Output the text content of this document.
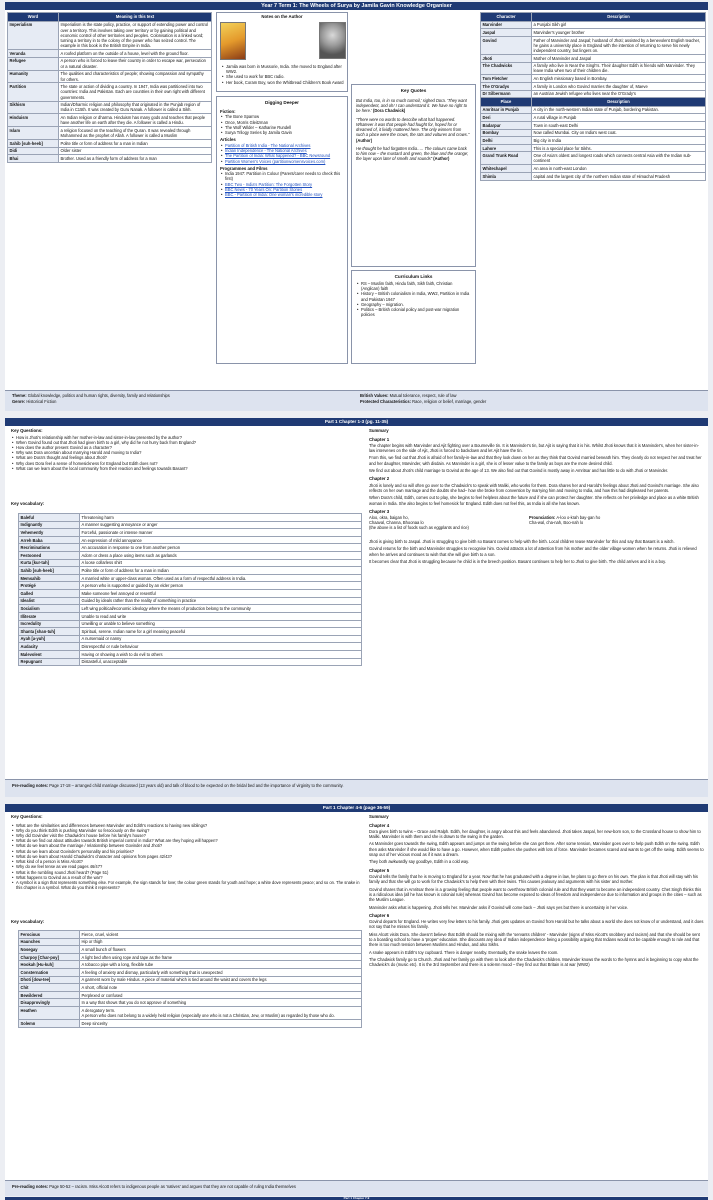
Year 7 Term 1: The Wheels of Surya by Jamila Gavin Knowledge Organiser
Word	Meaning in this text
Imperialism	Imperialism is the state policy, practice, or support of extending power and control over a territory. This involves taking over territory or by gaining political and economic control of other territories and peoples. Colonisation is a linked word; turning a territory in to the colony of the power who has seized control. The example in this book is the British Empire in India.
Veranda	A roofed platform on the outside of a house, level with the ground floor.
Refugee	A person who is forced to leave their country in order to escape war, persecution or a natural disaster.
Humanity	The qualities and characteristics of people; showing compassion and sympathy for others.
Partition	The state or action of dividing a country. In 1947, India was partitioned into two countries: India and Pakistan. Each are countries in their own right with different governments.
Sikhism	Indian/Dharmic religion and philosophy that originated in the Punjab region of India in C15th. It was created by Guru Nanak. A follower is called a Sikh.
Hinduism	An Indian religion or dharma. Hinduism has many gods and teaches that people have another life on earth after they die. A follower is called a Hindu.
Islam	a religion focused on the teaching of the Quran. It was revealed through Mohammed as the prophet of Allah. A follower is called a Muslim
Sahib [suh-heeb]	Polite title or form of address for a man in Indian
Didi	Older sister
Bhai	Brother. Used as a friendly form of address for a man
Notes on the Author
• Jamila was born in Mussorie, India. She moved to England after WW2.
• She used to work for BBC radio.
• Her book, Coram Boy, won the Whitbread Children's Book Award
Digging Deeper
Fiction:
• The Bone Sparrow
• Once, Morris Gleitzman
• The Wolf Wilder – Katharine Rundell
• Surya Trilogy Series by Jamila Gavin
Articles
• Partition of British India - The National Archives
• Indian Independence - The National Archives
• The Partition of India: What happened? - BBC Newsround
• Partition Women's Voices (partitionwomensvoices.com)
Programmes and Films
• India 1947: Partition in Colour (Parent/carer needs to check this first)
• BBC Two - India's Partition: The Forgotten Story
• BBC News - 70 Years On: Partition Stories
• BBC - Partition of India: One woman's incredible story
Key Quotes

But India, too, is in so much turmoil,' sighed Dora. 'They want independent, and oh! I can understand it. We have no right to be here.' (Dora Chadwick)

"There were no words to describe what had happened. Whatever it was that people had fought for, hoped for or dreamed of, it lividly mattered here. The only winners from such a place were the crows, the rats and vultures and crows." (Author)

He thought he had forgotten India….. The colours came back to him now – the mustard and green, the blue and the orange; the layer upon later of smells and sounds" (Author)

Curriculum Links
• RS – Muslim faith, Hindu faith, Sikh faith, Christian (Anglican) faith
• History – British colonialism in India, WW2, Partition in India and Pakistan 1947
• Geography – migration.
• Politics – British colonial policy and post-war migration policies
Character	Description
Marvinder	a Punjabi Sikh girl
Jaspal	Marvinder's younger brother
Govind	Father of Marvinder and Jaspal; husband of Jhoti; assisted by a benevolent English teacher, he gains a university place in England with the intention of returning to serve his newly independent country, but lingers on.
Jhoti	Mother of Marvinder and Jaspal
The Chadwicks	A family who live in Near the Singh's. Their daughter Edith is friends with Marvinder. They leave India when two of their children die.
Tom Fletcher	An English missionary based in Bombay.
The O'Gradys	A family in London who Govind marries the daughter of, Maeve
Dr Silbermann	an Austrian Jewish refugee who lives near the O'Grady's
Place	Description
Amritsar in Punjab	A city in the north-western Indian state of Punjab, bordering Pakistan.
Deri	A rural village in Punjab
Badarpur	Town in south-east Delhi
Bombay	Now called Mumbai. City on India's west coat.
Delhi	Big city in India
Lahore	This is a special place for Sikhs.
Grand Trunk Road	One of Asia's oldest and longest roads which connects central Asia with the Indian sub-continent
Whitechapel	An area in north-east London
Shimla	capital and the largest city of the northern Indian state of Himachal Pradesh
Theme: Global knowledge, politics and human rights, diversity, family and relationships
Genre: Historical Fiction
British Values: Mutual tolerance, respect, rule of law
Protected Characteristics: Race, religion or belief, marriage, gender
Part 1 Chapter 1-3 (pg. 11-35)
Key Questions:
• How is Jhoti's relationship with her mother-in-law and sister-in-law presented by the author?
• When Govind found out that Jhoti had given birth to a girl, why did he not hurry back from England?
• How does the author present Govind as a character?
• Why was Dora uncertain about marrying Harold and moving to India?
• What are Dora's thought and feelings about Jhoti?
• Why does Dora feel a sense of homesickness for England but Edith does not?
• What can we learn about the local community from their reaction and feelings towards Basant?
Key vocabulary:
Baleful	Threatening harm
Indignantly	A manner suggesting annoyance or anger
Vehemently	Forceful, passionate or intense manner
Arreh Baba	An expression of mild annoyance
Recriminations	An accusation in response to one from another person
Festooned	Adorn or dress a place using items such as garlands
Kurta [kur-tah]	A loose collarless shirt
Sahib [suh-heeb]	Polite title or form of address for a man in Indian
Memsahib	A married white or upper-class woman. Often used as a form of respectful address in India.
Protégé	A person who is supported or guided by an elder person
Galled	Make someone feel annoyed or resentful
Idealist	Guided by ideals rather than the reality of something in practice
Socialism	Left wing political/economic ideology where the means of production belong to the community
Illiterate	Unable to read and write
Incredulity	Unwilling or unable to believe something
Shanta [shan-tuh]	Spiritual, serene. Indian name for a girl meaning peaceful
Ayah [a-yuh]	A nursemaid or nanny
Audacity	Disrespectful or rude behaviour
Malevolent	Having or showing a wish to do evil to others
Repugnant	Distasteful, unacceptable
Summary
Chapter 1

The chapter begins with Marvinder and Ajit fighting over a Bourneville tin. It is Marvinder's tin, but Ajit is saying that it is his. Whilst Jhoti knows that it is Marvinder's, when her sister-in-law intervenes on the side of Ajit, Jhoti is forced to backdown and let Ajit have the tin.

From this, we find out that Jhoti is afraid of her family-in-law and that they look down on her as they think that Govind married beneath him. They clearly do not respect her and treat her and her daughter, Marvinder, with disdain. As Marvinder is a girl, she is of lesser value to the family as boys are the more desired child.

We find out about Jhoti's child marriage to Govind at the age of 13. We also find out that Govind is mostly away in Amritsar and has little to do with Jhoti or Marvinder.

Chapter 2

Jhoti is lonely and so will often go over to the Chadwick's to speak with Maliki, who works for them. Dora shares her and Harold's feelings about Jhoti and Govind's marriage. She also reflects on her own marriage and the doubts she had– how she broke from convention by marrying him and moving to India, and how this had displeased her parents.

When Dora's child, Edith, comes out to play, she begins to feel helpless about the future and if she can protect her daughter. She reflects on her priviledge and place as a white British woman in India. She also begins to feel homesick for England. Edith does not feel this, as India is all she has known.

Chapter 3
Aloo, okra, baigan ho,
Chaaval, Channa, Bhoonaa lo
(the above is a list of foods such as eggplants and rice)
Prounciation: A-loo o-krah bay-gan ho
Cha-wal, cha-nah, Boo-nah lo

Jhoti is giving birth to Jaspal. Jhoti is struggling to give birth so Basant comes to help with the birth. Local children tease Marvinder for this and say that Basant is a witch.

Govind returns for the birth and Marvinder struggles to recognise him. Govind attracts a lot of attention from his mother and the older village women when he returns. Jhoti is relieved when he arrives and continues to wish that she will give birth to a son.

It becomes clear that Jhoti is struggling because he child is in the breech position. Basant continues to help her to Jhoti to give birth. The child arrives and it is a boy.

Pre-reading notes: Page 17-18 – arranged child marriage discussed (13 years old) and talk of blood to be expected on the bridal bed and the importance of virginity to the community.
Part 1 Chapter 4-6 (page 36-59)
Key Questions:
• What are the similarities and differences between Marvinder and Edith's reactions to having new siblings?
• Why do you think Edith is pushing Marvinder so ferociously on the swing?
• Why did Govinder visit the Chadwick's house before his family's house?
• What do we find out about attitudes towards British imperial control in India? What are they hoping will happen?
• What do we learn about the marriage / relationship between Govinder and Jhoti?
• What do we learn about Govinder's personality and his priorities?
• What do we learn about Harold Chadwick's character and opinions from pages 42/43?
• What kind of a person is Miss Alcott?
• Why do we feel tense as we read pages 46/47?
• What is the rumbling sound Jhoti heard? (Page 51)
• What happens to Govind as a result of the war?
• A symbol is a sign that represents something else. For example, the sign stands for love; the colour green stands for youth and hope; a white dove represents peace; and so on. The snake in this chapter is a symbol. What do you think it represents?
Key vocabulary:
Ferocious	Fierce, cruel, violent
Haunches	Hip or thigh
Nosegay	A small bunch of flowers
Charpoy [Char-poy]	A light bed often using rope and tape as the frame
Hookah [Hu-kuh]	A tobacco pipe with a long, flexible tube
Consternation	A feeling of anxiety and dismay, particularly with something that is unexpected
Dhoti [dow-tee]	A garment worn by male Hindus. A piece of material which is tied around the waist and covers the legs
Chit	A short, official note
Bewildered	Perplexed or confused
Disapprovingly	In a way that shows that you do not approve of something
Heathen	A derogatory term.
A person who does not belong to a widely held religion (especially one who is not a Christian, Jew, or Muslim) as regarded by those who do.
Solemn	Deep sincerity
Summary
Chapter 4

Dora gives birth to twins – Grace and Ralph. Edith, her daughter, is angry about this and feels abandoned. Jhoti takes Jaspal, her new-born son, to the Crossland house to show him to Mailki. Marvinder is with them and she is drawn to the swing in the garden.

As Marvinder goes towards the swing, Edith appears and jumps on the swing before she can get there. After some tension, Marvinder goes over to help push Edith on the swing. Edith then asks Marvinder if she would like to have a go. However, when Edith pushes she pushes with lots of force. Marvinder becames scared and wants to get off the swing. Edith seems to snap out of her vicious mood as if it was a dream.

They both awkwardly say goodbye, Edith in a cold way.

Chapter 5

Govind tells the family that he is moving to England for a year. Now that he has graduated with a degree in law, he plans to go there on his own. The plan is that Jhoti will stay with his family and that she will go to work for the Chadwick's to help them with their twins. This causes jealousy and arguments with his sister and mother.

Govind shares that in Amritsar there is a growing feeling that people want to overthrow British colonial rule and that they want to become an independent country. Chet Singh thinks this is a ridiculous idea (all he has known is colonial rule) whereas Govind has become exposed to ideas of freedom and independence due to information and groups in the cities – such as the Muslim League.

Marvinder asks what is happening. Jhoti tells her. Marvinder asks if Govind will come back – Jhoti says yes but there is uncertainty in her voice.

Chapter 6

Govind departs for England. He writes very few letters to his family. Jhoti gets updates on Govind from Harold but he talks about a world she does not know of or understand, and it does not say that he misses his family.

Miss Alcott visits Dora. She doesn't believe that Edith should be mixing with the 'servants children' - Marvinder (signs of Miss Alcott's snobbery and racism) and that she should be sent to a boarding school to have a 'proper' education. She discounts any idea of Indian independence being a possibility arguing that Indians would not be capable enough to rule and that there is too much tension between Muslims and Hindus, and also Sikhs.

A snake appears in Edith's toy cupboard. There is danger nearby. Eventually, the snake leaves the room.

The Chadwick family go to Church. Jhoti and her family go with them to look after the Chadwick's children. Marvinder knows the words to the hymns and is beginning to copy what the Chadwick's do (music etc). It is the 3rd September and there is a solemn mood – they find out that Britain is at war (WW2)

Pre-reading notes: Page 50-52 – racism. Miss Alcott refers to indigenous people as 'natives' and argues that they are not capable of ruling India themselves
Part 1 Chapter 7-9
